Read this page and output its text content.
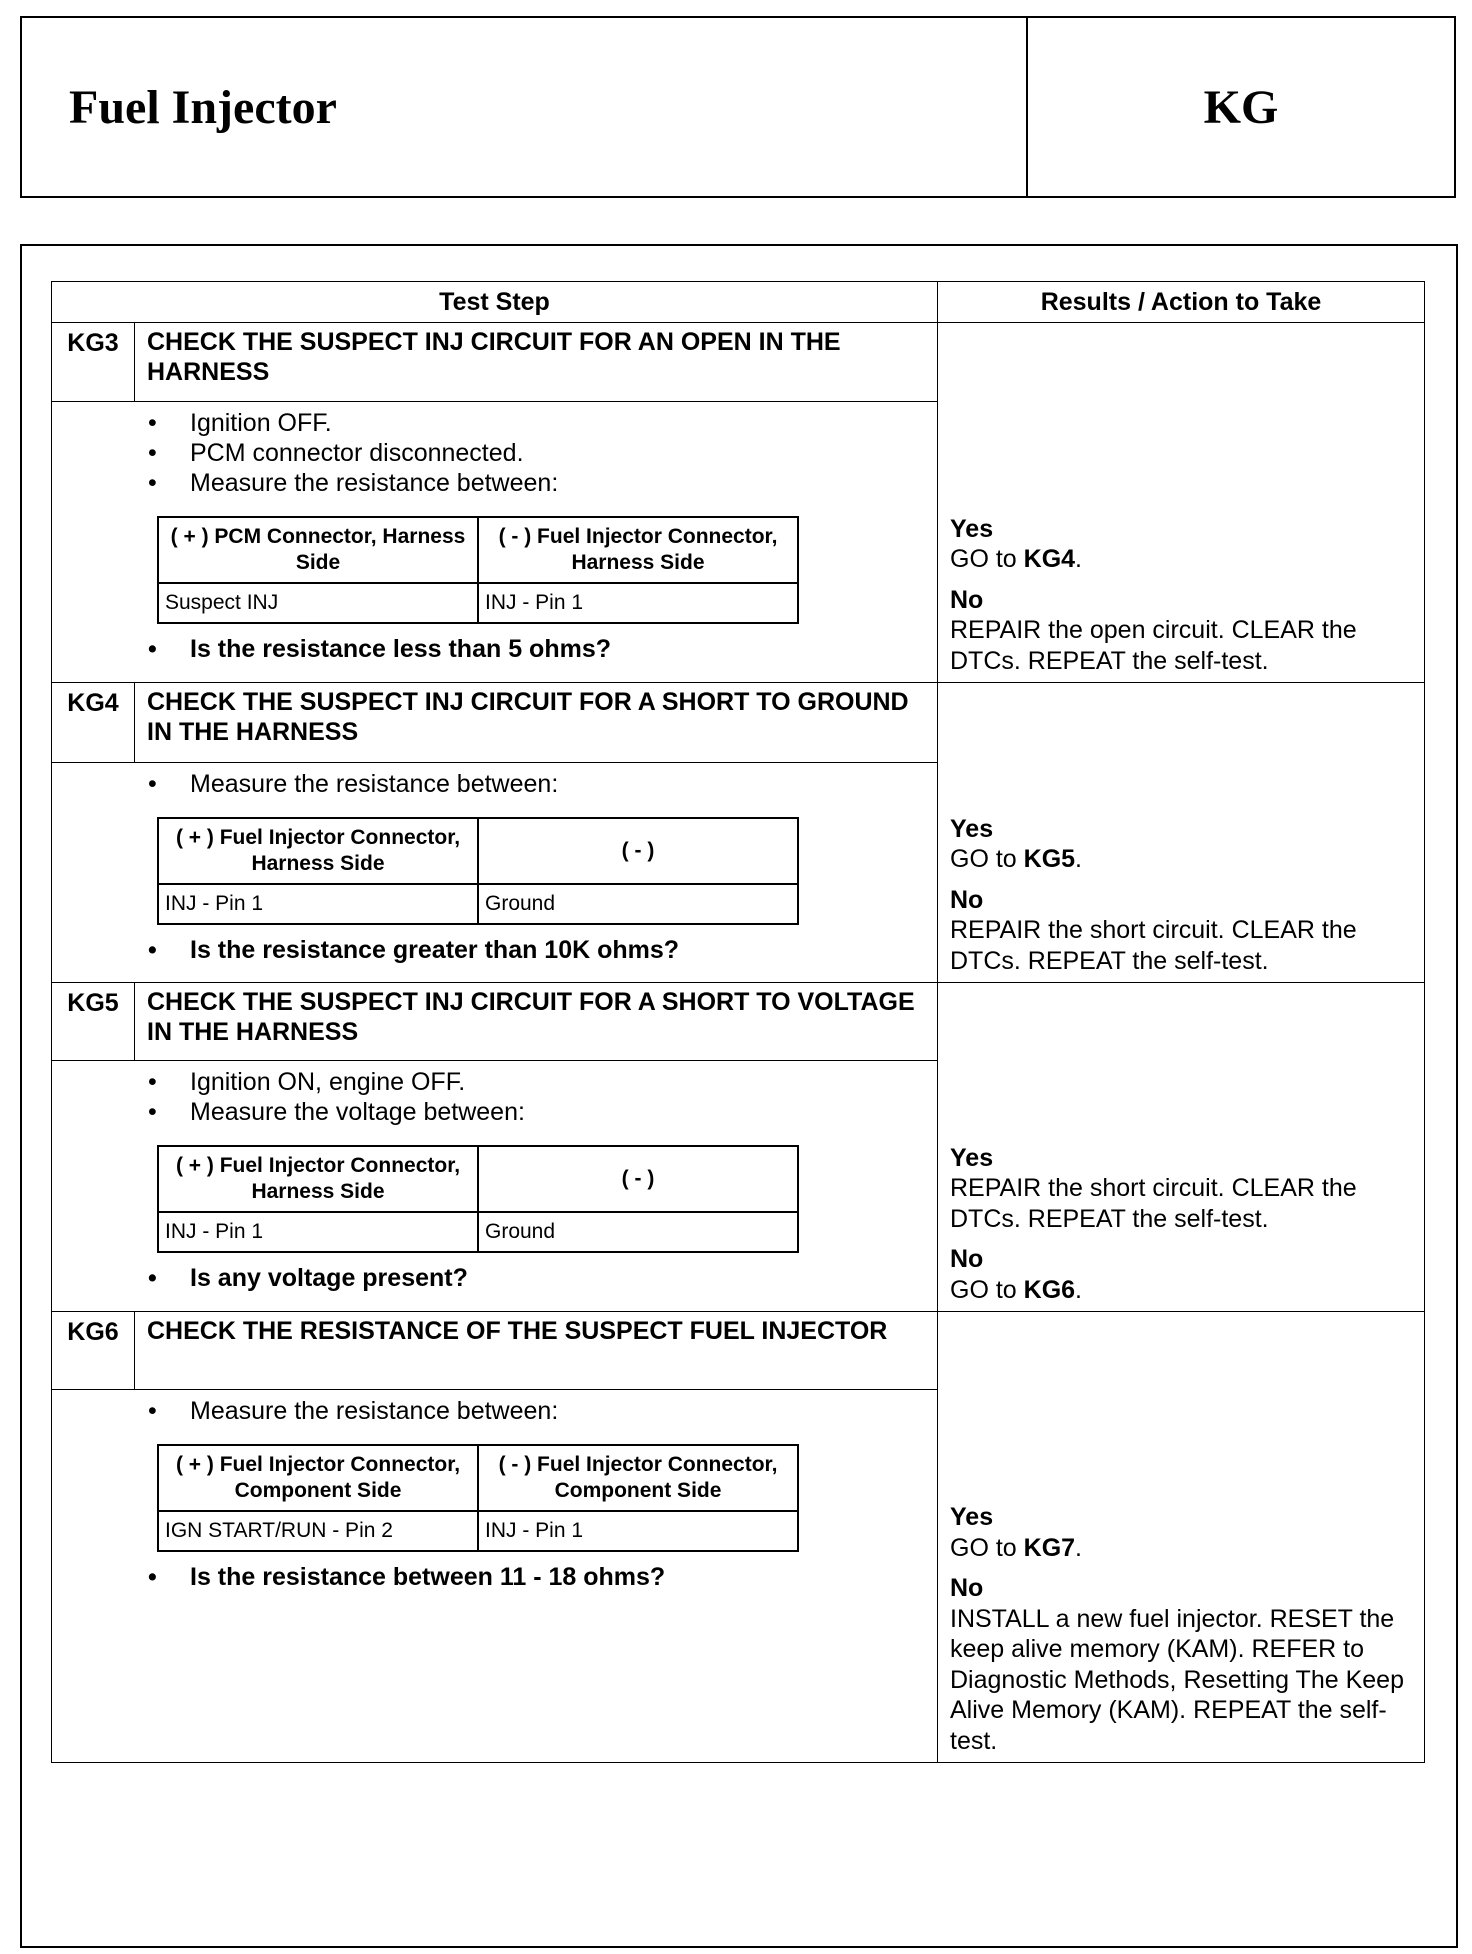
Fuel Injector	KG
Test Step	Results / Action to Take
KG3	CHECK THE SUSPECT INJ CIRCUIT FOR AN OPEN IN THE HARNESS	
Yes
GO to KG4.
No
REPAIR the open circuit. CLEAR the DTCs. REPEAT the self-test.

• Ignition OFF.
• PCM connector disconnected.
• Measure the resistance between:
( + ) PCM Connector, Harness Side	( - ) Fuel Injector Connector, Harness Side
Suspect INJ	INJ - Pin 1
• Is the resistance less than 5 ohms?

KG4	CHECK THE SUSPECT INJ CIRCUIT FOR A SHORT TO GROUND IN THE HARNESS	
Yes
GO to KG5.
No
REPAIR the short circuit. CLEAR the DTCs. REPEAT the self-test.

• Measure the resistance between:
( + ) Fuel Injector Connector, Harness Side	( - )
INJ - Pin 1	Ground
• Is the resistance greater than 10K ohms?

KG5	CHECK THE SUSPECT INJ CIRCUIT FOR A SHORT TO VOLTAGE IN THE HARNESS	
Yes
REPAIR the short circuit. CLEAR the DTCs. REPEAT the self-test.
No
GO to KG6.

• Ignition ON, engine OFF.
• Measure the voltage between:
( + ) Fuel Injector Connector, Harness Side	( - )
INJ - Pin 1	Ground
• Is any voltage present?

KG6	CHECK THE RESISTANCE OF THE SUSPECT FUEL INJECTOR	
Yes
GO to KG7.
No
INSTALL a new fuel injector. RESET the keep alive memory (KAM). REFER to Diagnostic Methods, Resetting The Keep Alive Memory (KAM). REPEAT the self-test.

• Measure the resistance between:
( + ) Fuel Injector Connector, Component Side	( - ) Fuel Injector Connector, Component Side
IGN START/RUN - Pin 2	INJ - Pin 1
• Is the resistance between 11 - 18 ohms?
